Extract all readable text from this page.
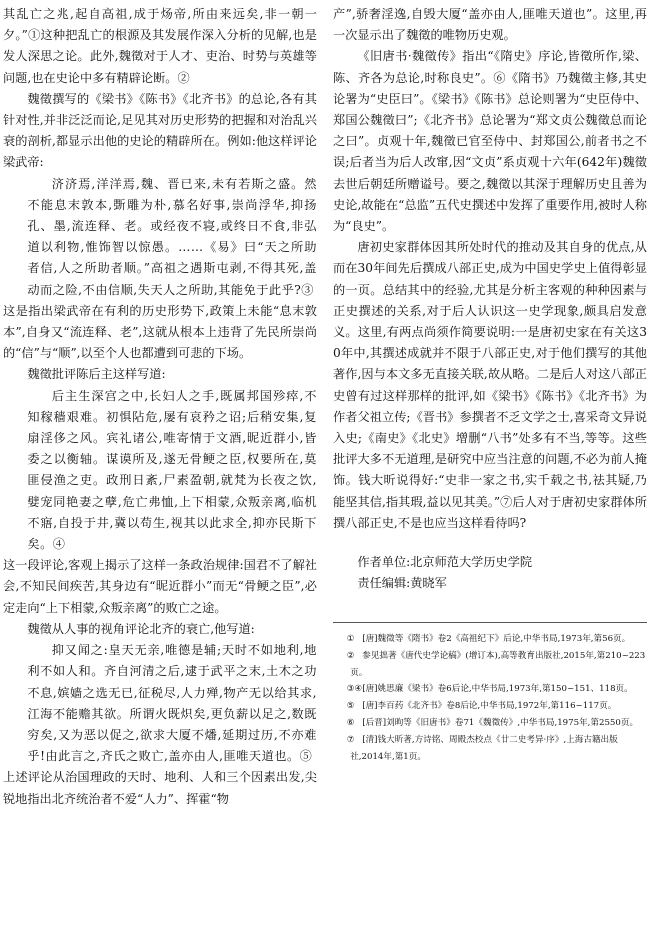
其乱亡之兆,起自高祖,成于炀帝,所由来远矣,非一朝一夕。”①这种把乱亡的根源及其发展作深入分析的见解,也是发人深思之论。此外,魏徵对于人才、吏治、时势与英雄等问题,也在史论中多有精辟论断。②

魏徵撰写的《梁书》《陈书》《北齐书》的总论,各有其针对性,并非泛泛而论,足见其对历史形势的把握和对治乱兴衰的剖析,都显示出他的史论的精辟所在。例如:他这样评论梁武帝:

济济焉,洋洋焉,魏、晋已来,未有若斯之盛。然不能息末敦本,斲雕为朴,慕名好事,崇尚浮华,抑扬孔、墨,流连释、老。或经夜不寝,或终日不食,非弘道以利物,惟饰智以惊愚。……《易》曰“天之所助者信,人之所助者顺。”高祖之遇斯屯剥,不得其死,盖动而之险,不由信顺,失天人之所助,其能免于此乎?③

这是指出梁武帝在有利的历史形势下,政策上未能“息末敦本”,自身又“流连释、老”,这就从根本上违背了先民所崇尚的“信”与“顺”,以至个人也都遭到可悲的下场。

魏徵批评陈后主这样写道:

后主生深宫之中,长妇人之手,既属邦国殄瘁,不知稼穑艰难。初惧阽危,屡有哀矜之诏;后稍安集,复扇淫侈之风。宾礼诸公,唯寄情于文酒,昵近群小,皆委之以衡轴。谋谟所及,遂无骨鲠之臣,权要所在,莫匪侵渔之吏。政刑日紊,尸素盈朝,就梵为长夜之饮,嬖宠同艳妻之孽,危亡弗恤,上下相蒙,众叛亲离,临机不寤,自投于井,冀以苟生,视其以此求全,抑亦民斯下矣。④

这一段评论,客观上揭示了这样一条政治规律:国君不了解社会,不知民间疾苦,其身边有“昵近群小”而无“骨鲠之臣”,必定走向“上下相蒙,众叛亲离”的败亡之途。

魏徵从人事的视角评论北齐的衰亡,他写道:

抑又闻之:皇天无亲,唯德是辅;天时不如地利,地利不如人和。齐自河清之后,逮于武平之末,土木之功不息,嫔嫱之选无已,征税尽,人力殚,物产无以给其求,江海不能赡其欲。所谓火既炽矣,更负薪以足之,数既穷矣,又为恶以促之,欲求大厦不燔,延期过历,不亦难乎!由此言之,齐氏之败亡,盖亦由人,匪唯天道也。⑤

上述评论从治国理政的天时、地利、人和三个因素出发,尖锐地指出北齐统治者不爱“人力”、挥霍“物

产”,骄奢淫逸,自毁大厦“盖亦由人,匪唯天道也”。这里,再一次显示出了魏徵的唯物历史观。

《旧唐书·魏徵传》指出“《隋史》序论,皆徵所作,梁、陈、齐各为总论,时称良史”。⑥《隋书》乃魏徵主修,其史论署为“史臣曰”。《梁书》《陈书》总论则署为“史臣侍中、郑国公魏徵曰”;《北齐书》总论署为“郑文贞公魏徵总而论之曰”。贞观十年,魏徵已官至侍中、封郑国公,前者书之不误;后者当为后人改窜,因“文贞”系贞观十六年(642年)魏徵去世后朝廷所赠谥号。要之,魏徵以其深于理解历史且善为史论,故能在“总监”五代史撰述中发挥了重要作用,被时人称为“良史”。

唐初史家群体因其所处时代的推动及其自身的优点,从而在30年间先后撰成八部正史,成为中国史学史上值得彰显的一页。总结其中的经验,尤其是分析主客观的种种因素与正史撰述的关系,对于后人认识这一史学现象,颇具启发意义。这里,有两点尚须作简要说明:一是唐初史家在有关这30年中,其撰述成就并不限于八部正史,对于他们撰写的其他著作,因与本文多无直接关联,故从略。二是后人对这八部正史曾有过这样那样的批评,如《梁书》《陈书》《北齐书》为作者父祖立传;《晋书》参撰者不乏文学之士,喜采奇文异说入史;《南史》《北史》增删“八书”处多有不当,等等。这些批评大多不无道理,是研究中应当注意的问题,不必为前人掩饰。钱大昕说得好:“史非一家之书,实千载之书,祛其疑,乃能坚其信,指其瑕,益以见其美。”⑦后人对于唐初史家群体所撰八部正史,不是也应当这样看待吗?

作者单位:北京师范大学历史学院

责任编辑:黄晓军

① [唐]魏徵等《隋书》卷2《高祖纪下》后论,中华书局,1973年,第56页。
② 参见拙著《唐代史学论稿》(增订本),高等教育出版社,2015年,第210~223页。
③④[唐]姚思廉《梁书》卷6后论,中华书局,1973年,第150~151、118页。
⑤ [唐]李百药《北齐书》卷8后论,中华书局,1972年,第116~117页。
⑥ [后晋]刘昫等《旧唐书》卷71《魏徵传》,中华书局,1975年,第2550页。
⑦ [清]钱大昕著,方诗铭、周殿杰校点《廿二史考异·序》,上海古籍出版社,2014年,第1页。
